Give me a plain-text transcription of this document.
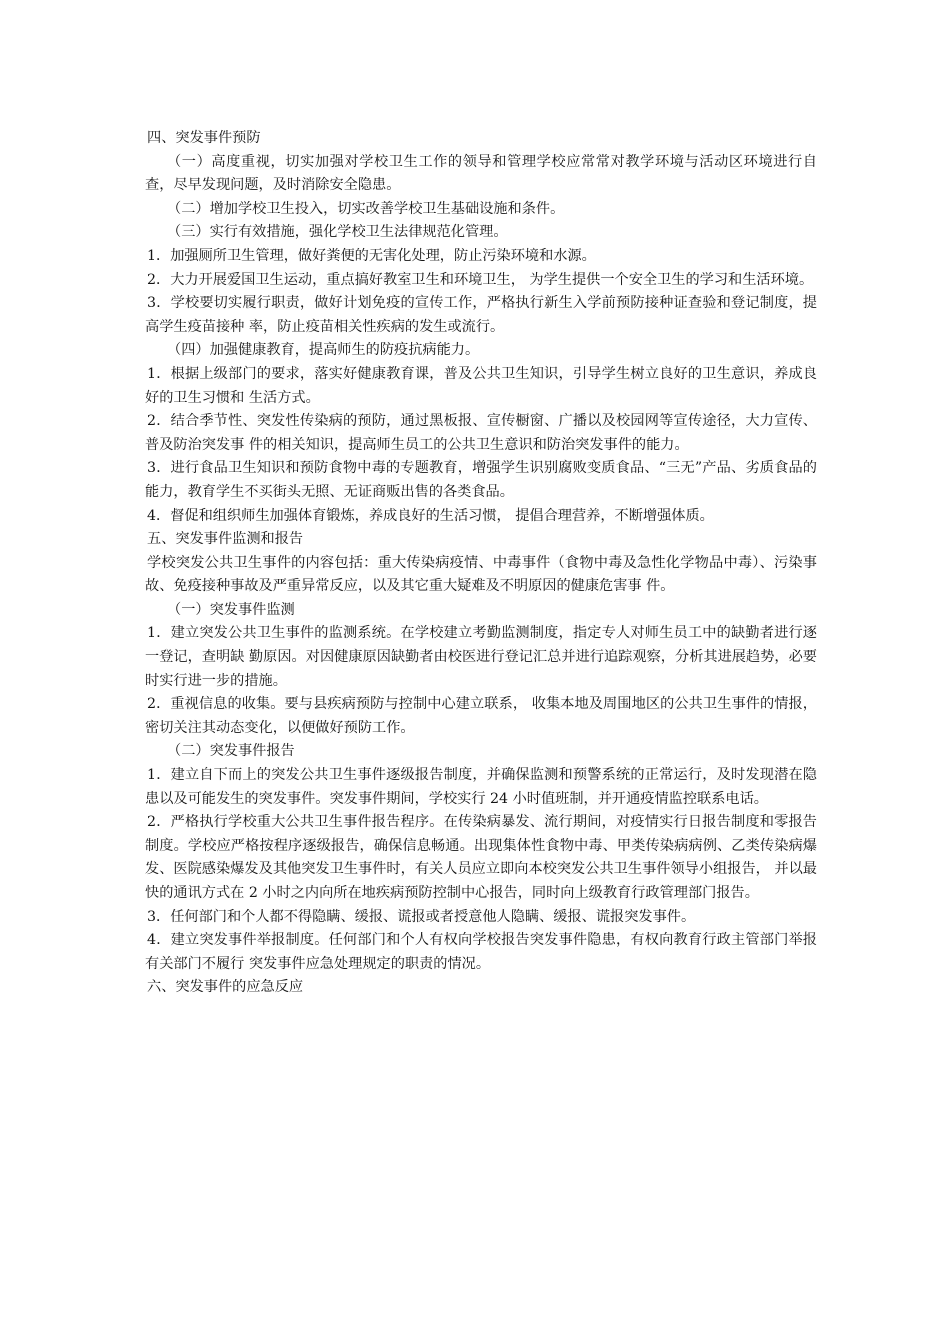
四、突发事件预防

（一）高度重视，切实加强对学校卫生工作的领导和管理学校应常常对教学环境与活动区环境进行自查，尽早发现问题，及时消除安全隐患。

（二）增加学校卫生投入，切实改善学校卫生基础设施和条件。

（三）实行有效措施，强化学校卫生法律规范化管理。

1．加强厕所卫生管理，做好粪便的无害化处理，防止污染环境和水源。

2．大力开展爱国卫生运动，重点搞好教室卫生和环境卫生， 为学生提供一个安全卫生的学习和生活环境。

3．学校要切实履行职责，做好计划免疫的宣传工作，严格执行新生入学前预防接种证查验和登记制度，提高学生疫苗接种 率，防止疫苗相关性疾病的发生或流行。

（四）加强健康教育，提高师生的防疫抗病能力。

1．根据上级部门的要求，落实好健康教育课，普及公共卫生知识，引导学生树立良好的卫生意识，养成良好的卫生习惯和 生活方式。

2．结合季节性、突发性传染病的预防，通过黑板报、宣传橱窗、广播以及校园网等宣传途径，大力宣传、普及防治突发事 件的相关知识，提高师生员工的公共卫生意识和防治突发事件的能力。

3．进行食品卫生知识和预防食物中毒的专题教育，增强学生识别腐败变质食品、“三无”产品、劣质食品的能力，教育学生不买街头无照、无证商贩出售的各类食品。

4．督促和组织师生加强体育锻炼，养成良好的生活习惯， 提倡合理营养，不断增强体质。

五、突发事件监测和报告

学校突发公共卫生事件的内容包括：重大传染病疫情、中毒事件（食物中毒及急性化学物品中毒）、污染事故、免疫接种事故及严重异常反应，以及其它重大疑难及不明原因的健康危害事 件。

（一）突发事件监测

1．建立突发公共卫生事件的监测系统。在学校建立考勤监测制度，指定专人对师生员工中的缺勤者进行逐一登记，查明缺 勤原因。对因健康原因缺勤者由校医进行登记汇总并进行追踪观察，分析其进展趋势，必要时实行进一步的措施。

2．重视信息的收集。要与县疾病预防与控制中心建立联系， 收集本地及周围地区的公共卫生事件的情报，密切关注其动态变化，以便做好预防工作。

（二）突发事件报告

1．建立自下而上的突发公共卫生事件逐级报告制度，并确保监测和预警系统的正常运行，及时发现潜在隐患以及可能发生的突发事件。突发事件期间，学校实行 24 小时值班制，并开通疫情监控联系电话。

2．严格执行学校重大公共卫生事件报告程序。在传染病暴发、流行期间，对疫情实行日报告制度和零报告制度。学校应严格按程序逐级报告，确保信息畅通。出现集体性食物中毒、甲类传染病病例、乙类传染病爆发、医院感染爆发及其他突发卫生事件时，有关人员应立即向本校突发公共卫生事件领导小组报告， 并以最快的通讯方式在 2 小时之内向所在地疾病预防控制中心报告，同时向上级教育行政管理部门报告。

3．任何部门和个人都不得隐瞒、缓报、谎报或者授意他人隐瞒、缓报、谎报突发事件。

4．建立突发事件举报制度。任何部门和个人有权向学校报告突发事件隐患，有权向教育行政主管部门举报有关部门不履行 突发事件应急处理规定的职责的情况。

六、突发事件的应急反应
